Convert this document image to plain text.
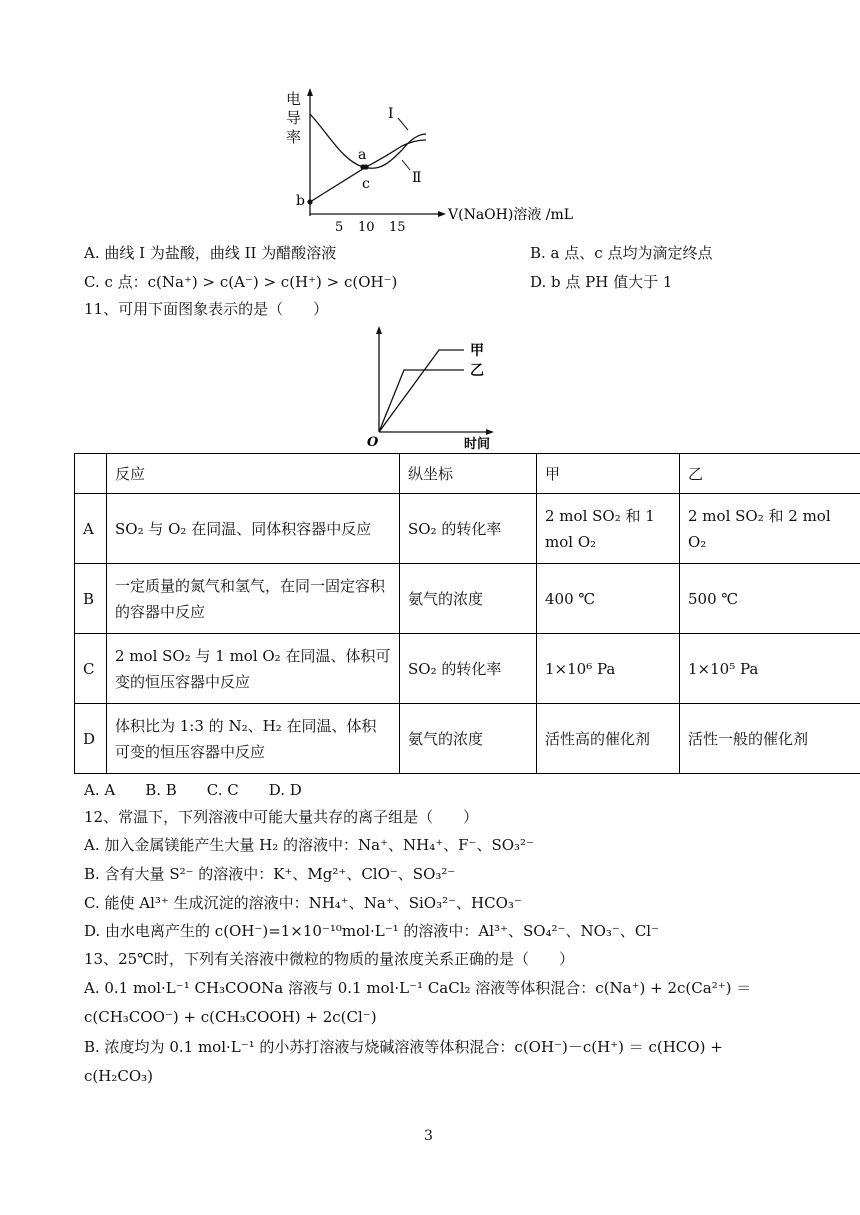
电
导
率
a
c
b
Ⅰ
Ⅱ
5 10 15
V(NaOH)溶液 /mL
A. 曲线 I 为盐酸，曲线 II 为醋酸溶液	B. a 点、c 点均为滴定终点
C. c 点：c(Na⁺) > c(A⁻) > c(H⁺) > c(OH⁻)	D. b 点 PH 值大于 1
11、可用下面图象表示的是（　　）
甲
乙
O	时间
	反应	纵坐标	甲	乙
A	SO₂ 与 O₂ 在同温、同体积容器中反应	SO₂ 的转化率	2 mol SO₂ 和 1 mol O₂	2 mol SO₂ 和 2 mol O₂
B	一定质量的氮气和氢气，在同一固定容积的容器中反应	氨气的浓度	400 ℃	500 ℃
C	2 mol SO₂ 与 1 mol O₂ 在同温、体积可变的恒压容器中反应	SO₂ 的转化率	1×10⁶ Pa	1×10⁵ Pa
D	体积比为 1:3 的 N₂、H₂ 在同温、体积可变的恒压容器中反应	氨气的浓度	活性高的催化剂	活性一般的催化剂
A. A　　B. B　　C. C　　D. D
12、常温下，下列溶液中可能大量共存的离子组是（　　）
A. 加入金属镁能产生大量 H₂ 的溶液中：Na⁺、NH₄⁺、F⁻、SO₃²⁻
B. 含有大量 S²⁻ 的溶液中：K⁺、Mg²⁺、ClO⁻、SO₃²⁻
C. 能使 Al³⁺ 生成沉淀的溶液中：NH₄⁺、Na⁺、SiO₃²⁻、HCO₃⁻
D. 由水电离产生的 c(OH⁻)=1×10⁻¹⁰mol·L⁻¹ 的溶液中：Al³⁺、SO₄²⁻、NO₃⁻、Cl⁻
13、25℃时，下列有关溶液中微粒的物质的量浓度关系正确的是（　　）
A. 0.1 mol·L⁻¹ CH₃COONa 溶液与 0.1 mol·L⁻¹ CaCl₂ 溶液等体积混合：c(Na⁺) + 2c(Ca²⁺) ＝
c(CH₃COO⁻) + c(CH₃COOH) + 2c(Cl⁻)
B. 浓度均为 0.1 mol·L⁻¹ 的小苏打溶液与烧碱溶液等体积混合：c(OH⁻)－c(H⁺) ＝ c(HCO) +
c(H₂CO₃)
3
